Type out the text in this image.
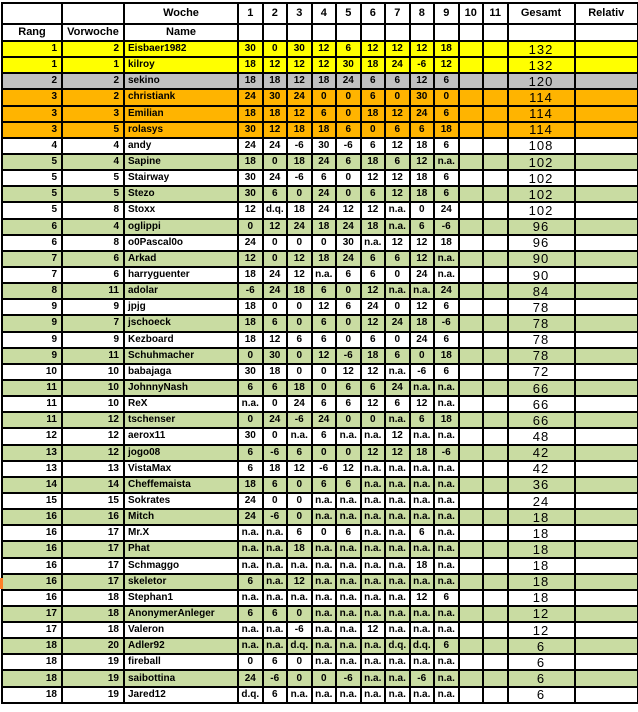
		Woche	1	2	3	4	5	6	7	8	9	10	11	Gesamt	Relativ
Rang	Vorwoche	Name													
1	2	Eisbaer1982	30	0	30	12	6	12	12	12	18			132	
1	1	kilroy	18	12	12	12	30	18	24	-6	12			132	
2	2	sekino	18	18	12	18	24	6	6	12	6			120	
3	2	christiank	24	30	24	0	0	6	0	30	0			114	
3	3	Emilian	18	18	12	6	0	18	12	24	6			114	
3	5	rolasys	30	12	18	18	6	0	6	6	18			114	
4	4	andy	24	24	-6	30	-6	6	12	18	6			108	
5	4	Sapine	18	0	18	24	6	18	6	12	n.a.			102	
5	5	Stairway	30	24	-6	6	0	12	12	18	6			102	
5	5	Stezo	30	6	0	24	0	6	12	18	6			102	
5	8	Stoxx	12	d.q.	18	24	12	12	n.a.	0	24			102	
6	4	oglippi	0	12	24	18	24	18	n.a.	6	-6			96	
6	8	o0Pascal0o	24	0	0	0	30	n.a.	12	12	18			96	
7	6	Arkad	12	0	12	18	24	6	6	12	n.a.			90	
7	6	harryguenter	18	24	12	n.a.	6	6	0	24	n.a.			90	
8	11	adolar	-6	24	18	6	0	12	n.a.	n.a.	24			84	
9	9	jpjg	18	0	0	12	6	24	0	12	6			78	
9	7	jschoeck	18	6	0	6	0	12	24	18	-6			78	
9	9	Kezboard	18	12	6	6	0	6	0	24	6			78	
9	11	Schuhmacher	0	30	0	12	-6	18	6	0	18			78	
10	10	babajaga	30	18	0	0	12	12	n.a.	-6	6			72	
11	10	JohnnyNash	6	6	18	0	6	6	24	n.a.	n.a.			66	
11	10	ReX	n.a.	0	24	6	6	12	6	12	n.a.			66	
11	12	tschenser	0	24	-6	24	0	0	n.a.	6	18			66	
12	12	aerox11	30	0	n.a.	6	n.a.	n.a.	12	n.a.	n.a.			48	
13	12	jogo08	6	-6	6	0	0	12	12	18	-6			42	
13	13	VistaMax	6	18	12	-6	12	n.a.	n.a.	n.a.	n.a.			42	
14	14	Cheffemaista	18	6	0	6	6	n.a.	n.a.	n.a.	n.a.			36	
15	15	Sokrates	24	0	0	n.a.	n.a.	n.a.	n.a.	n.a.	n.a.			24	
16	16	Mitch	24	-6	0	n.a.	n.a.	n.a.	n.a.	n.a.	n.a.			18	
16	17	Mr.X	n.a.	n.a.	6	0	6	n.a.	n.a.	6	n.a.			18	
16	17	Phat	n.a.	n.a.	18	n.a.	n.a.	n.a.	n.a.	n.a.	n.a.			18	
16	17	Schmaggo	n.a.	n.a.	n.a.	n.a.	n.a.	n.a.	n.a.	18	n.a.			18	
16	17	skeletor	6	n.a.	12	n.a.	n.a.	n.a.	n.a.	n.a.	n.a.			18	
16	18	Stephan1	n.a.	n.a.	n.a.	n.a.	n.a.	n.a.	n.a.	12	6			18	
17	18	AnonymerAnleger	6	6	0	n.a.	n.a.	n.a.	n.a.	n.a.	n.a.			12	
17	18	Valeron	n.a.	n.a.	-6	n.a.	n.a.	12	n.a.	n.a.	n.a.			12	
18	20	Adler92	n.a.	n.a.	d.q.	n.a.	n.a.	n.a.	d.q.	d.q.	6			6	
18	19	fireball	0	6	0	n.a.	n.a.	n.a.	n.a.	n.a.	n.a.			6	
18	19	saibottina	24	-6	0	0	-6	n.a.	n.a.	-6	n.a.			6	
18	19	Jared12	d.q.	6	n.a.	n.a.	n.a.	n.a.	n.a.	n.a.	n.a.			6	
